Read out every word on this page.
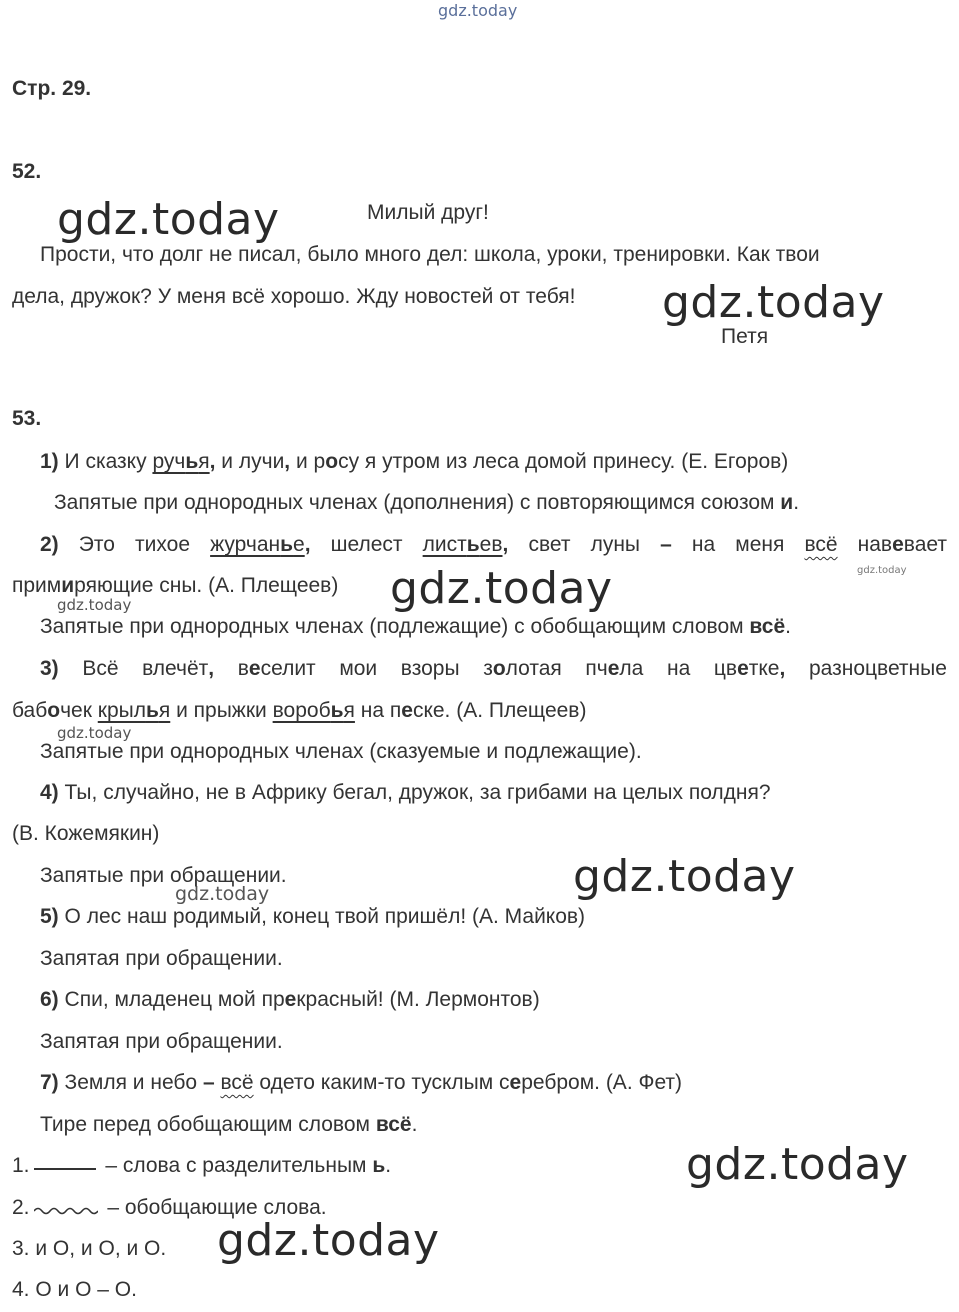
gdz.today
gdz.today
gdz.today
gdz.today
gdz.today
gdz.today
gdz.today
gdz.today
gdz.today
gdz.today
gdz.today
Стр. 29.
52.
Милый друг!
Прости, что долг не писал, было много дел: школа, уроки, тренировки. Как твои
дела, дружок? У меня всё хорошо. Жду новостей от тебя!
Петя
53.
1) И сказку ручья, и лучи, и росу я утром из леса домой принесу. (Е. Егоров)
Запятые при однородных членах (дополнения) с повторяющимся союзом и.
2) Это тихое журчанье, шелест листьев, свет луны – на меня всё навевает
примиряющие сны. (А. Плещеев)
Запятые при однородных членах (подлежащие) с обобщающим словом всё.
3) Всё влечёт, веселит мои взоры золотая пчела на цветке, разноцветные
бабочек крылья и прыжки воробья на песке. (А. Плещеев)
Запятые при однородных членах (сказуемые и подлежащие).
4) Ты, случайно, не в Африку бегал, дружок, за грибами на целых полдня?
(В. Кожемякин)
Запятые при обращении.
5) О лес наш родимый, конец твой пришёл! (А. Майков)
Запятая при обращении.
6) Спи, младенец мой прекрасный! (М. Лермонтов)
Запятая при обращении.
7) Земля и небо – всё одето каким-то тусклым серебром. (А. Фет)
Тире перед обобщающим словом всё.
1.	– слова с разделительным ь.
2.	– обобщающие слова.
3. и О, и О, и О.
4. О и О – О.
